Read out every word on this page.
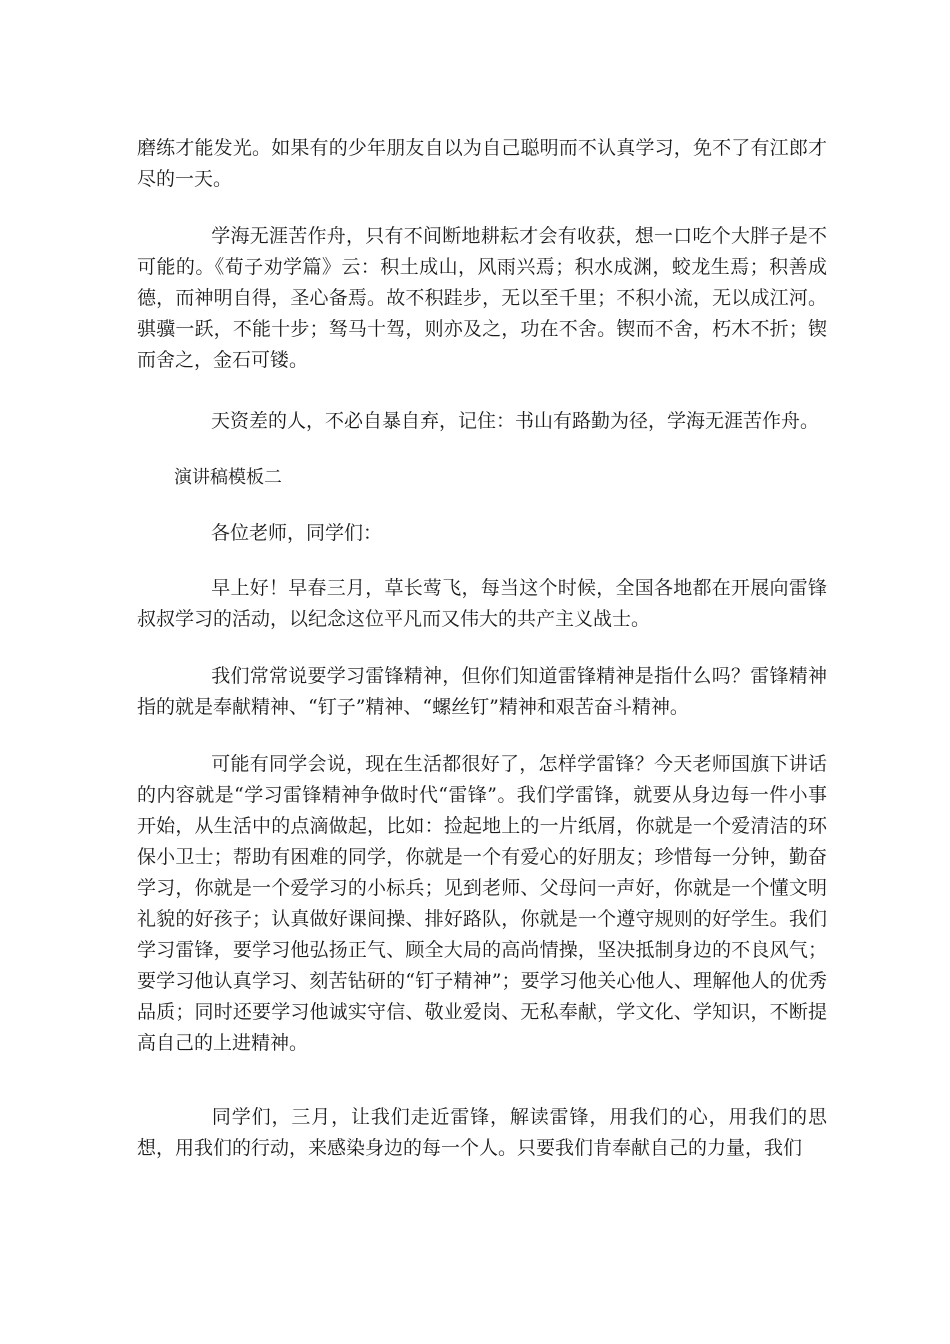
磨练才能发光。如果有的少年朋友自以为自己聪明而不认真学习，免不了有江郎才尽的一天。

学海无涯苦作舟，只有不间断地耕耘才会有收获，想一口吃个大胖子是不可能的。《荀子劝学篇》云：积土成山，风雨兴焉；积水成渊，蛟龙生焉；积善成德，而神明自得，圣心备焉。故不积跬步，无以至千里；不积小流，无以成江河。骐骥一跃，不能十步；驽马十驾，则亦及之，功在不舍。锲而不舍，朽木不折；锲而舍之，金石可镂。

天资差的人，不必自暴自弃，记住：书山有路勤为径，学海无涯苦作舟。

演讲稿模板二

各位老师，同学们：

早上好！早春三月，草长莺飞，每当这个时候，全国各地都在开展向雷锋叔叔学习的活动，以纪念这位平凡而又伟大的共产主义战士。

我们常常说要学习雷锋精神，但你们知道雷锋精神是指什么吗？雷锋精神指的就是奉献精神、“钉子”精神、“螺丝钉”精神和艰苦奋斗精神。

可能有同学会说，现在生活都很好了，怎样学雷锋？今天老师国旗下讲话的内容就是“学习雷锋精神争做时代“雷锋”。我们学雷锋，就要从身边每一件小事开始，从生活中的点滴做起，比如：捡起地上的一片纸屑，你就是一个爱清洁的环保小卫士；帮助有困难的同学，你就是一个有爱心的好朋友；珍惜每一分钟，勤奋学习，你就是一个爱学习的小标兵；见到老师、父母问一声好，你就是一个懂文明礼貌的好孩子；认真做好课间操、排好路队，你就是一个遵守规则的好学生。我们学习雷锋，要学习他弘扬正气、顾全大局的高尚情操，坚决抵制身边的不良风气；要学习他认真学习、刻苦钻研的“钉子精神”；要学习他关心他人、理解他人的优秀品质；同时还要学习他诚实守信、敬业爱岗、无私奉献，学文化、学知识，不断提高自己的上进精神。

同学们，三月，让我们走近雷锋，解读雷锋，用我们的心，用我们的思想，用我们的行动，来感染身边的每一个人。只要我们肯奉献自己的力量，我们
